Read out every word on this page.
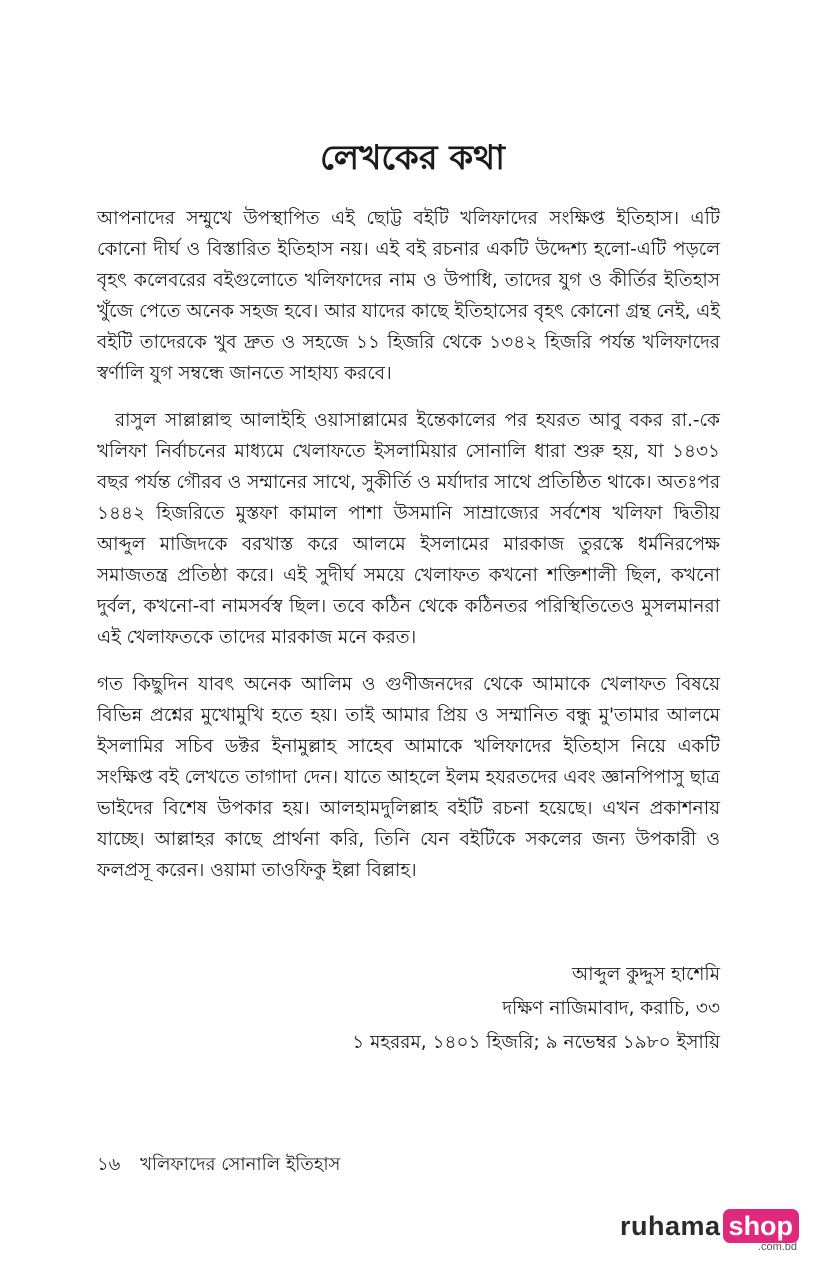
লেখকের কথা

আপনাদের সম্মুখে উপস্থাপিত এই ছোট্ট বইটি খলিফাদের সংক্ষিপ্ত ইতিহাস। এটি কোনো দীর্ঘ ও বিস্তারিত ইতিহাস নয়। এই বই রচনার একটি উদ্দেশ্য হলো-এটি পড়লে বৃহৎ কলেবরের বইগুলোতে খলিফাদের নাম ও উপাধি, তাদের যুগ ও কীর্তির ইতিহাস খুঁজে পেতে অনেক সহজ হবে। আর যাদের কাছে ইতিহাসের বৃহৎ কোনো গ্রন্থ নেই, এই বইটি তাদেরকে খুব দ্রুত ও সহজে ১১ হিজরি থেকে ১৩৪২ হিজরি পর্যন্ত খলিফাদের স্বর্ণালি যুগ সম্বন্ধে জানতে সাহায্য করবে।

রাসুল সাল্লাল্লাহু আলাইহি ওয়াসাল্লামের ইন্তেকালের পর হযরত আবু বকর রা.-কে খলিফা নির্বাচনের মাধ্যমে খেলাফতে ইসলামিয়ার সোনালি ধারা শুরু হয়, যা ১৪৩১ বছর পর্যন্ত গৌরব ও সম্মানের সাথে, সুকীর্তি ও মর্যাদার সাথে প্রতিষ্ঠিত থাকে। অতঃপর ১৪৪২ হিজরিতে মুস্তফা কামাল পাশা উসমানি সাম্রাজ্যের সর্বশেষ খলিফা দ্বিতীয় আব্দুল মাজিদকে বরখাস্ত করে আলমে ইসলামের মারকাজ তুরস্কে ধর্মনিরপেক্ষ সমাজতন্ত্র প্রতিষ্ঠা করে। এই সুদীর্ঘ সময়ে খেলাফত কখনো শক্তিশালী ছিল, কখনো দুর্বল, কখনো-বা নামসর্বস্ব ছিল। তবে কঠিন থেকে কঠিনতর পরিস্থিতিতেও মুসলমানরা এই খেলাফতকে তাদের মারকাজ মনে করত।

গত কিছুদিন যাবৎ অনেক আলিম ও গুণীজনদের থেকে আমাকে খেলাফত বিষয়ে বিভিন্ন প্রশ্নের মুখোমুখি হতে হয়। তাই আমার প্রিয় ও সম্মানিত বন্ধু মু'তামার আলমে ইসলামির সচিব ডক্টর ইনামুল্লাহ সাহেব আমাকে খলিফাদের ইতিহাস নিয়ে একটি সংক্ষিপ্ত বই লেখতে তাগাদা দেন। যাতে আহলে ইলম হযরতদের এবং জ্ঞানপিপাসু ছাত্র ভাইদের বিশেষ উপকার হয়। আলহামদুলিল্লাহ বইটি রচনা হয়েছে। এখন প্রকাশনায় যাচ্ছে। আল্লাহর কাছে প্রার্থনা করি, তিনি যেন বইটিকে সকলের জন্য উপকারী ও ফলপ্রসূ করেন। ওয়ামা তাওফিকু ইল্লা বিল্লাহ।

আব্দুল কুদ্দুস হাশেমি
দক্ষিণ নাজিমাবাদ, করাচি, ৩৩
১ মহররম, ১৪০১ হিজরি; ৯ নভেম্বর ১৯৮০ ইসায়ি
১৬ খলিফাদের সোনালি ইতিহাস
ruhama shop
.com.bd
